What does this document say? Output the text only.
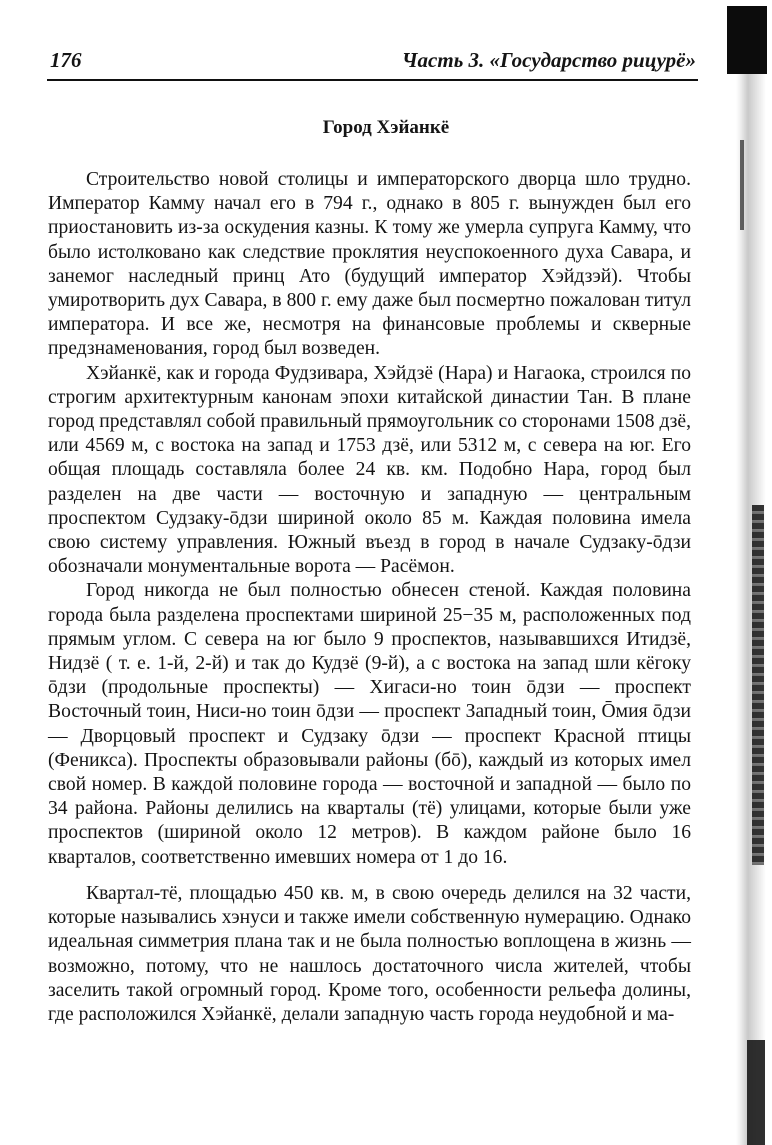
176	Часть 3. «Государство рицурё»
Город Хэйанкё

Строительство новой столицы и императорского дворца шло трудно. Император Камму начал его в 794 г., однако в 805 г. вынужден был его приостановить из-за оскудения казны. К тому же умерла супруга Камму, что было истолковано как следствие проклятия неуспокоенного духа Савара, и занемог наследный принц Ато (будущий император Хэйдзэй). Чтобы умиротворить дух Савара, в 800 г. ему даже был посмертно пожалован титул императора. И все же, несмотря на финансовые проблемы и скверные предзнаменования, город был возведен.

Хэйанкё, как и города Фудзивара, Хэйдзё (Нара) и Нагаока, строился по строгим архитектурным канонам эпохи китайской династии Тан. В плане город представлял собой правильный прямоугольник со сторонами 1508 дзё, или 4569 м, с востока на запад и 1753 дзё, или 5312 м, с севера на юг. Его общая площадь составляла более 24 кв. км. Подобно Нара, город был разделен на две части — восточную и западную — центральным проспектом Судзаку-ōдзи шириной около 85 м. Каждая половина имела свою систему управления. Южный въезд в город в начале Судзаку-ōдзи обозначали монументальные ворота — Расёмон.

Город никогда не был полностью обнесен стеной. Каждая половина города была разделена проспектами шириной 25−35 м, расположенных под прямым углом. С севера на юг было 9 проспектов, называвшихся Итидзё, Нидзё ( т. е. 1-й, 2-й) и так до Кудзё (9-й), а с востока на запад шли кёгоку ōдзи (продольные проспекты) — Хигаси-но тоин ōдзи — проспект Восточный тоин, Ниси-но тоин ōдзи — проспект Западный тоин, Ōмия ōдзи — Дворцовый проспект и Судзаку ōдзи — проспект Красной птицы (Феникса). Проспекты образовывали районы (бō), каждый из которых имел свой номер. В каждой половине города — восточной и западной — было по 34 района. Районы делились на кварталы (тё) улицами, которые были уже проспектов (шириной около 12 метров). В каждом районе было 16 кварталов, соответственно имевших номера от 1 до 16.

Квартал-тё, площадью 450 кв. м, в свою очередь делился на 32 части, которые назывались хэнуси и также имели собственную нумерацию. Однако идеальная симметрия плана так и не была полностью воплощена в жизнь — возможно, потому, что не нашлось достаточного числа жителей, чтобы заселить такой огромный город. Кроме того, особенности рельефа долины, где расположился Хэйанкё, делали западную часть города неудобной и ма-
